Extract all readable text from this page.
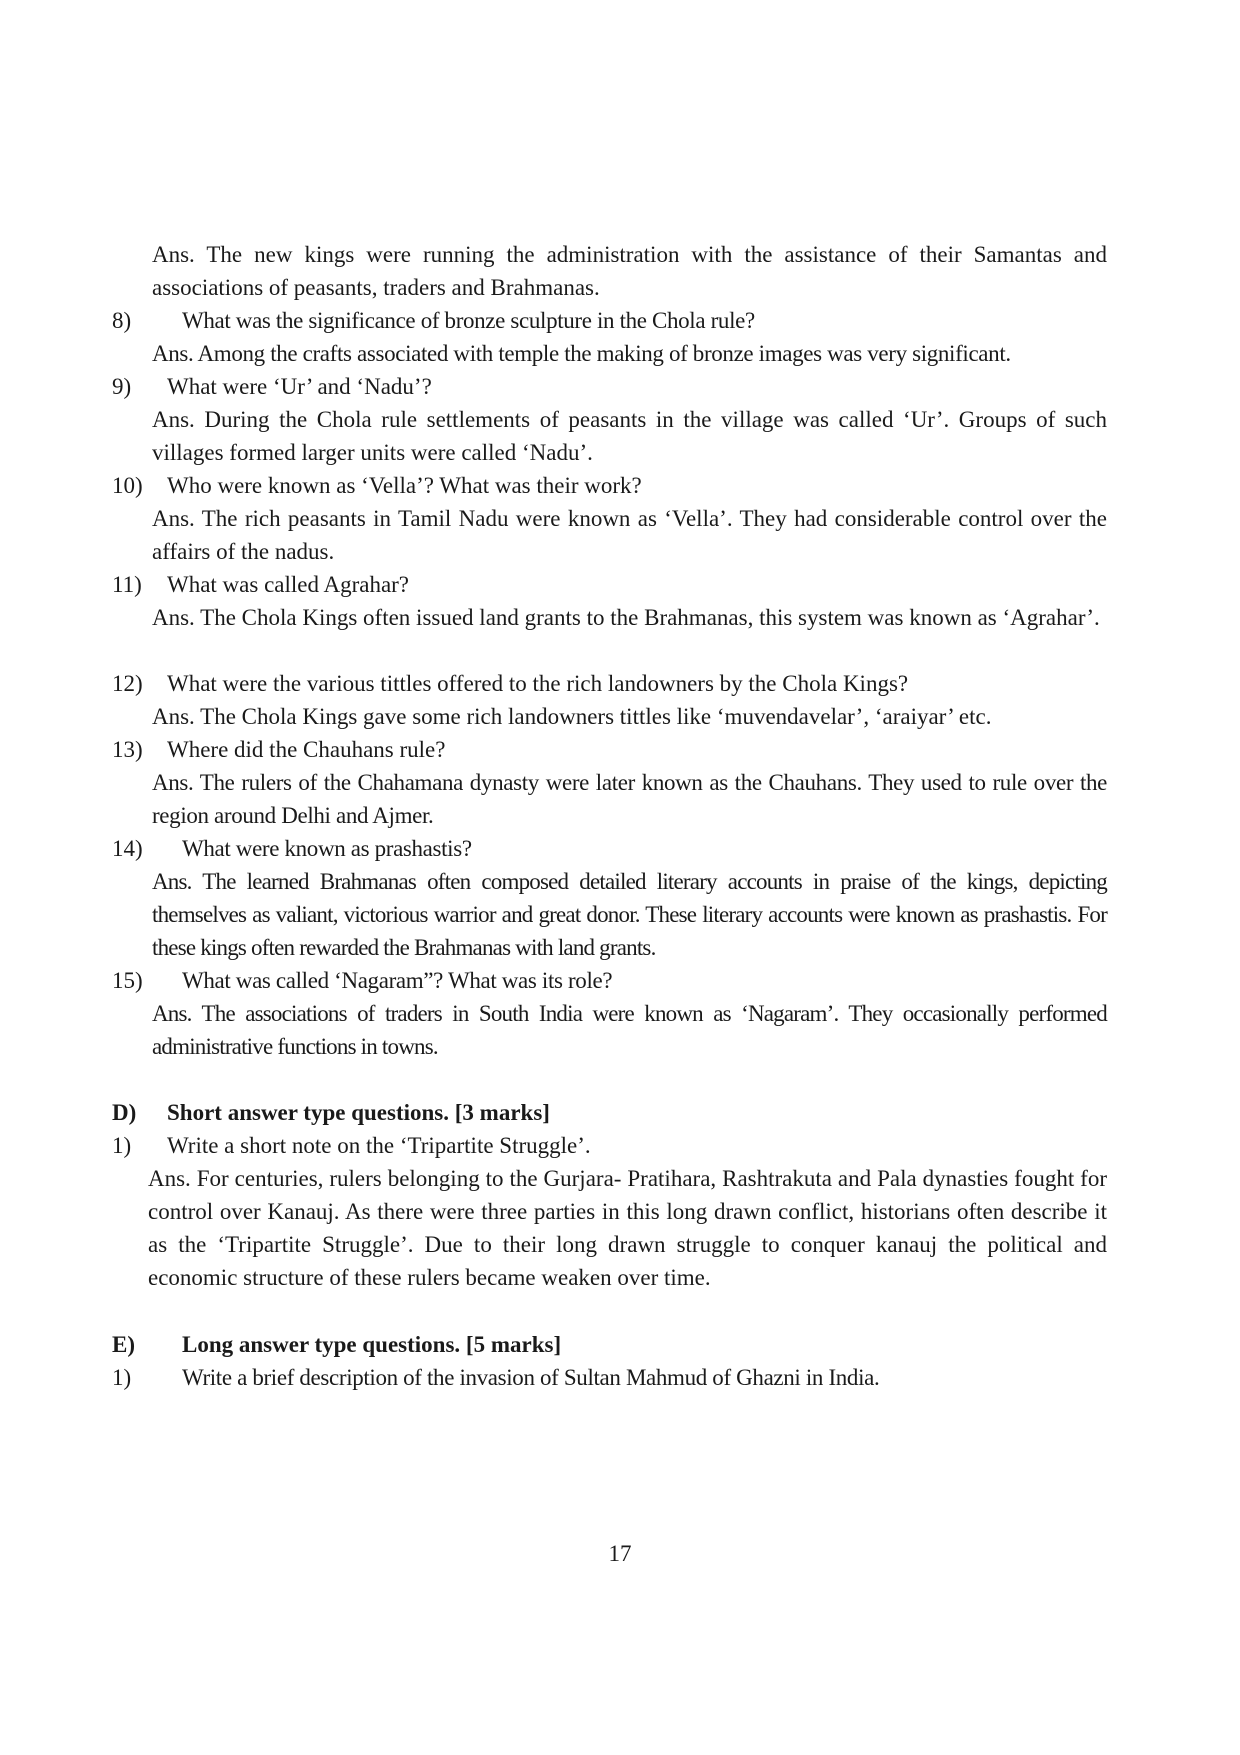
Ans. The new kings were running the administration with the assistance of their Samantas and associations of peasants, traders and Brahmanas.
8) What was the significance of bronze sculpture in the Chola rule?
Ans. Among the crafts associated with temple the making of bronze images was very significant.
9) What were ‘Ur’ and ‘Nadu’?
Ans. During the Chola rule settlements of peasants in the village was called ‘Ur’. Groups of such villages formed larger units were called ‘Nadu’.
10) Who were known as ‘Vella’? What was their work?
Ans. The rich peasants in Tamil Nadu were known as ‘Vella’. They had considerable control over the affairs of the nadus.
11) What was called Agrahar?
Ans. The Chola Kings often issued land grants to the Brahmanas, this system was known as ‘Agrahar’.
12) What were the various tittles offered to the rich landowners by the Chola Kings?
Ans. The Chola Kings gave some rich landowners tittles like ‘muvendavelar’, ‘araiyar’ etc.
13) Where did the Chauhans rule?
Ans. The rulers of the Chahamana dynasty were later known as the Chauhans. They used to rule over the region around Delhi and Ajmer.
14) What were known as prashastis?
Ans. The learned Brahmanas often composed detailed literary accounts in praise of the kings, depicting themselves as valiant, victorious warrior and great donor. These literary accounts were known as prashastis. For these kings often rewarded the Brahmanas with land grants.
15) What was called ‘Nagaram”? What was its role?
Ans. The associations of traders in South India were known as ‘Nagaram’. They occasionally performed administrative functions in towns.
D) Short answer type questions. [3 marks]
1) Write a short note on the ‘Tripartite Struggle’.
Ans. For centuries, rulers belonging to the Gurjara- Pratihara, Rashtrakuta and Pala dynasties fought for control over Kanauj. As there were three parties in this long drawn conflict, historians often describe it as the ‘Tripartite Struggle’. Due to their long drawn struggle to conquer kanauj the political and economic structure of these rulers became weaken over time.
E) Long answer type questions. [5 marks]
1) Write a brief description of the invasion of Sultan Mahmud of Ghazni in India.
17
